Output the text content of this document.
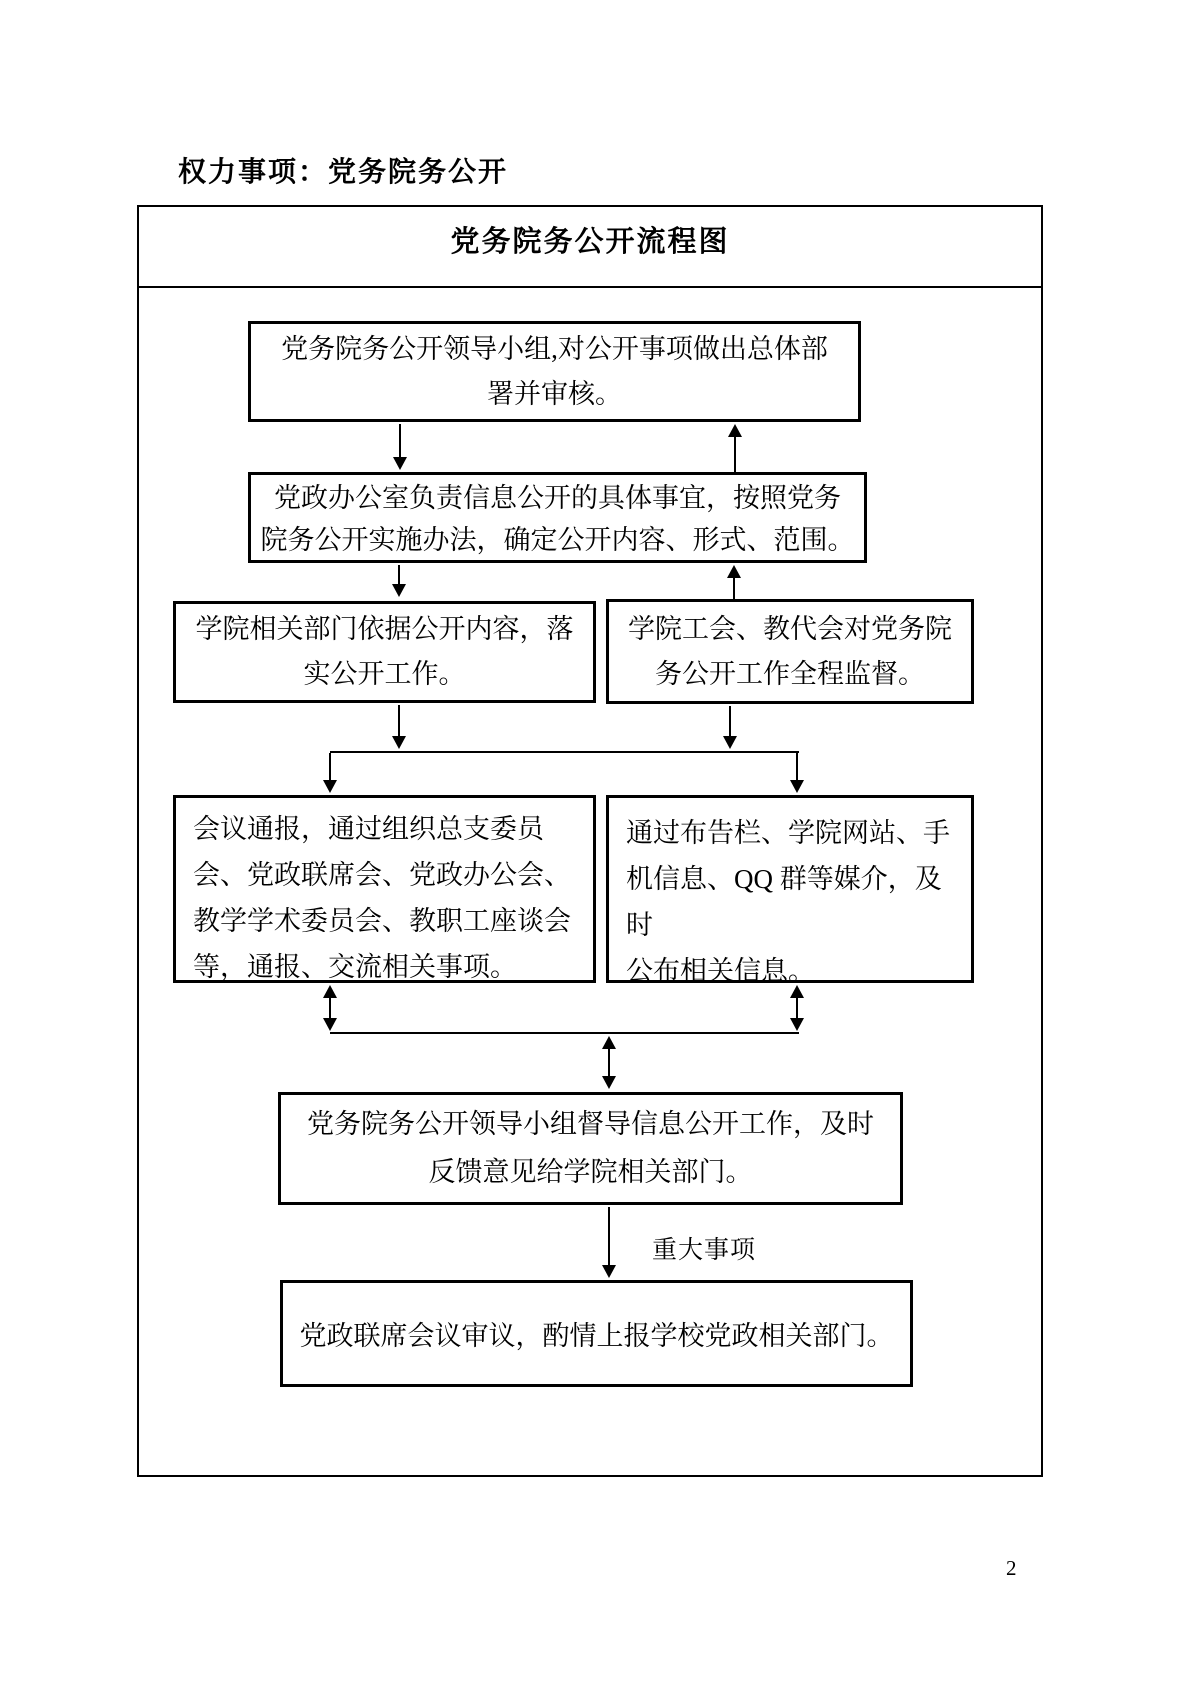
权力事项：党务院务公开
党务院务公开流程图
党务院务公开领导小组,对公开事项做出总体部
署并审核。
党政办公室负责信息公开的具体事宜，按照党务
院务公开实施办法，确定公开内容、形式、范围。
学院相关部门依据公开内容，落
实公开工作。
学院工会、教代会对党务院
务公开工作全程监督。
会议通报，通过组织总支委员
会、党政联席会、党政办公会、
教学学术委员会、教职工座谈会
等，通报、交流相关事项。
通过布告栏、学院网站、手
机信息、QQ 群等媒介，及时
公布相关信息。
党务院务公开领导小组督导信息公开工作，及时
反馈意见给学院相关部门。
重大事项
党政联席会议审议，酌情上报学校党政相关部门。
2
